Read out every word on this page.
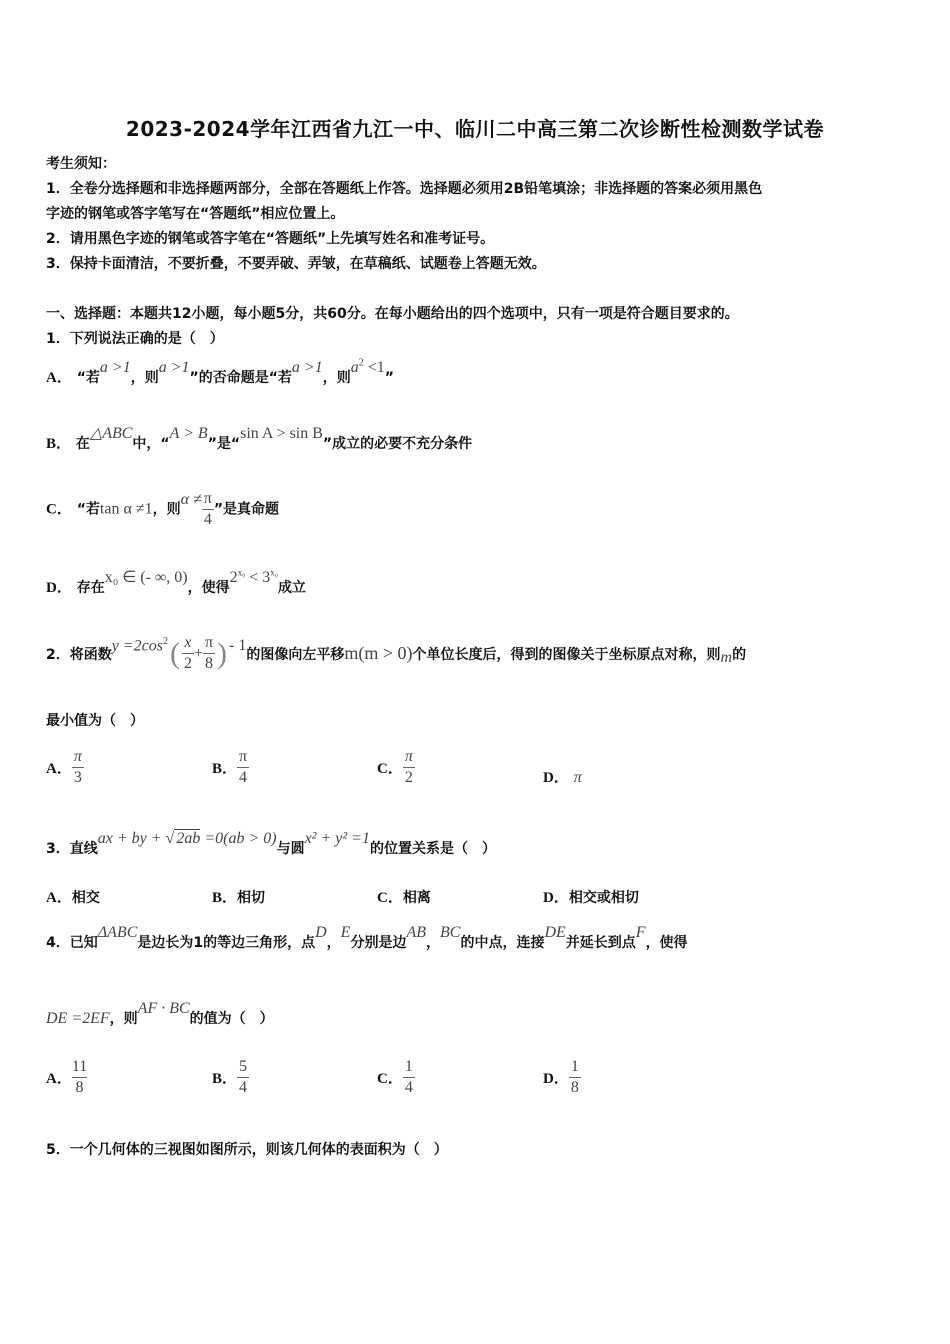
2023-2024学年江西省九江一中、临川二中高三第二次诊断性检测数学试卷
考生须知：
1．全卷分选择题和非选择题两部分，全部在答题纸上作答。选择题必须用2B铅笔填涂；非选择题的答案必须用黑色
字迹的钢笔或答字笔写在“答题纸”相应位置上。
2．请用黑色字迹的钢笔或答字笔在“答题纸”上先填写姓名和准考证号。
3．保持卡面清洁，不要折叠，不要弄破、弄皱，在草稿纸、试题卷上答题无效。
一、选择题：本题共12小题，每小题5分，共60分。在每小题给出的四个选项中，只有一项是符合题目要求的。
1．下列说法正确的是（　）
A． “若a >1，则a >1”的否命题是“若a >1，则$a^2 <1$”
B． 在△ABC中，“A > B”是“sin A > sin B”成立的必要不充分条件
C． “若tan α ≠1，则$\alpha \ne \frac{\pi}{4}$ ”是真命题
D． 存在x₀ ∈ (- ∞, 0)，使得$2^{x_0} < 3^{x_0}$成立
2．将函数
$y =2\cos^2$ ( $\frac{x}{2} + \frac{\pi}{8}$ ) - 1
的图像向左平移 m(m > 0) 个单位长度后，得到的图像关于坐标原点对称，则 m 的
最小值为（　）
A． $\frac{\pi}{3}$	B． $\frac{\pi}{4}$	C． $\frac{\pi}{2}$	D． π
3．直线ax + by + √ 2ab =0(ab > 0)与圆x² + y² =1的位置关系是（　）
A．相交	B．相切	C．相离	D．相交或相切
4．已知ΔABC是边长为1的等边三角形，点D，E分别是边AB，BC的中点，连接DE并延长到点F，使得
DE =2EF，则AF · BC的值为（　）
A． $\frac{11}{8}$	B． $\frac{5}{4}$	C． $\frac{1}{4}$	D． $\frac{1}{8}$
5．一个几何体的三视图如图所示，则该几何体的表面积为（　）
